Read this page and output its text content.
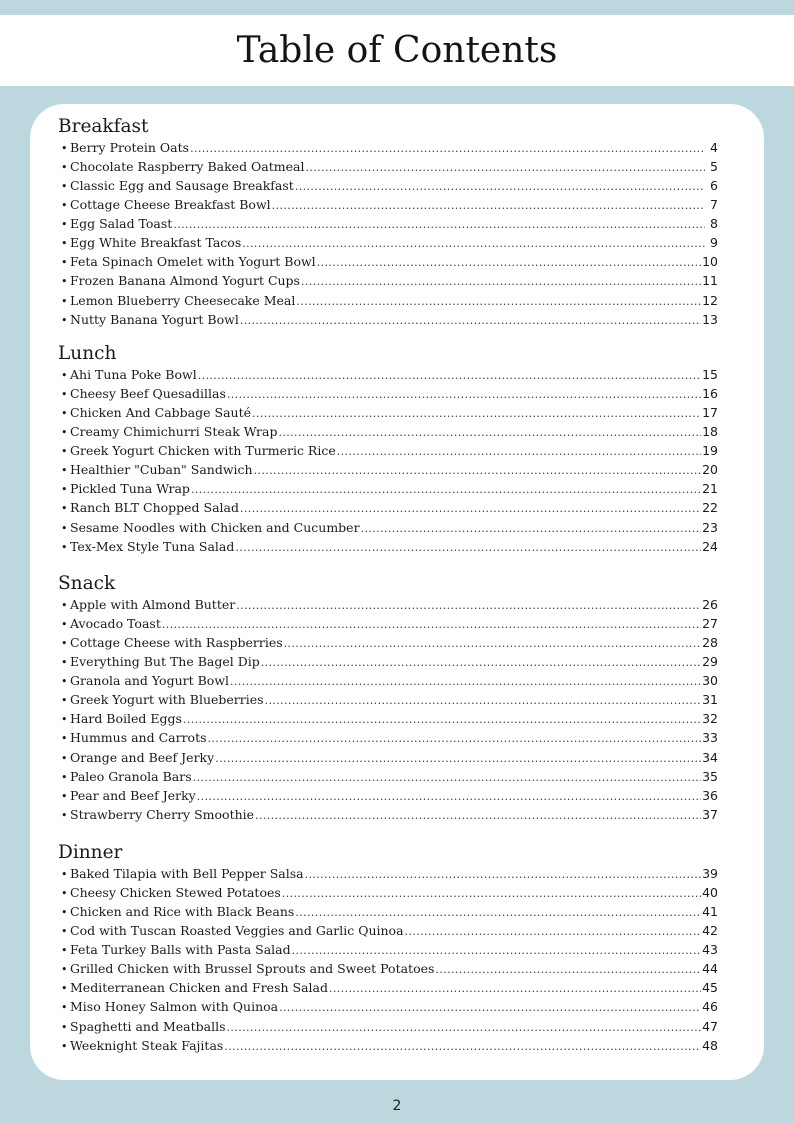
Table of Contents
Breakfast
• Berry Protein Oats .....	4
• Chocolate Raspberry Baked Oatmeal .....	5
• Classic Egg and Sausage Breakfast .....	6
• Cottage Cheese Breakfast Bowl .....	7
• Egg Salad Toast .....	8
• Egg White Breakfast Tacos .....	9
• Feta Spinach Omelet with Yogurt Bowl .....	10
• Frozen Banana Almond Yogurt Cups .....	11
• Lemon Blueberry Cheesecake Meal .....	12
• Nutty Banana Yogurt Bowl .....	13
Lunch
• Ahi Tuna Poke Bowl .....	15
• Cheesy Beef Quesadillas .....	16
• Chicken And Cabbage Sauté .....	17
• Creamy Chimichurri Steak Wrap .....	18
• Greek Yogurt Chicken with Turmeric Rice .....	19
• Healthier "Cuban" Sandwich .....	20
• Pickled Tuna Wrap .....	21
• Ranch BLT Chopped Salad .....	22
• Sesame Noodles with Chicken and Cucumber .....	23
• Tex-Mex Style Tuna Salad .....	24
Snack
• Apple with Almond Butter .....	26
• Avocado Toast .....	27
• Cottage Cheese with Raspberries .....	28
• Everything But The Bagel Dip .....	29
• Granola and Yogurt Bowl .....	30
• Greek Yogurt with Blueberries .....	31
• Hard Boiled Eggs .....	32
• Hummus and Carrots .....	33
• Orange and Beef Jerky .....	34
• Paleo Granola Bars .....	35
• Pear and Beef Jerky .....	36
• Strawberry Cherry Smoothie .....	37
Dinner
• Baked Tilapia with Bell Pepper Salsa .....	39
• Cheesy Chicken Stewed Potatoes .....	40
• Chicken and Rice with Black Beans .....	41
• Cod with Tuscan Roasted Veggies and Garlic Quinoa .....	42
• Feta Turkey Balls with Pasta Salad .....	43
• Grilled Chicken with Brussel Sprouts and Sweet Potatoes .....	44
• Mediterranean Chicken and Fresh Salad .....	45
• Miso Honey Salmon with Quinoa .....	46
• Spaghetti and Meatballs .....	47
• Weeknight Steak Fajitas .....	48
2
